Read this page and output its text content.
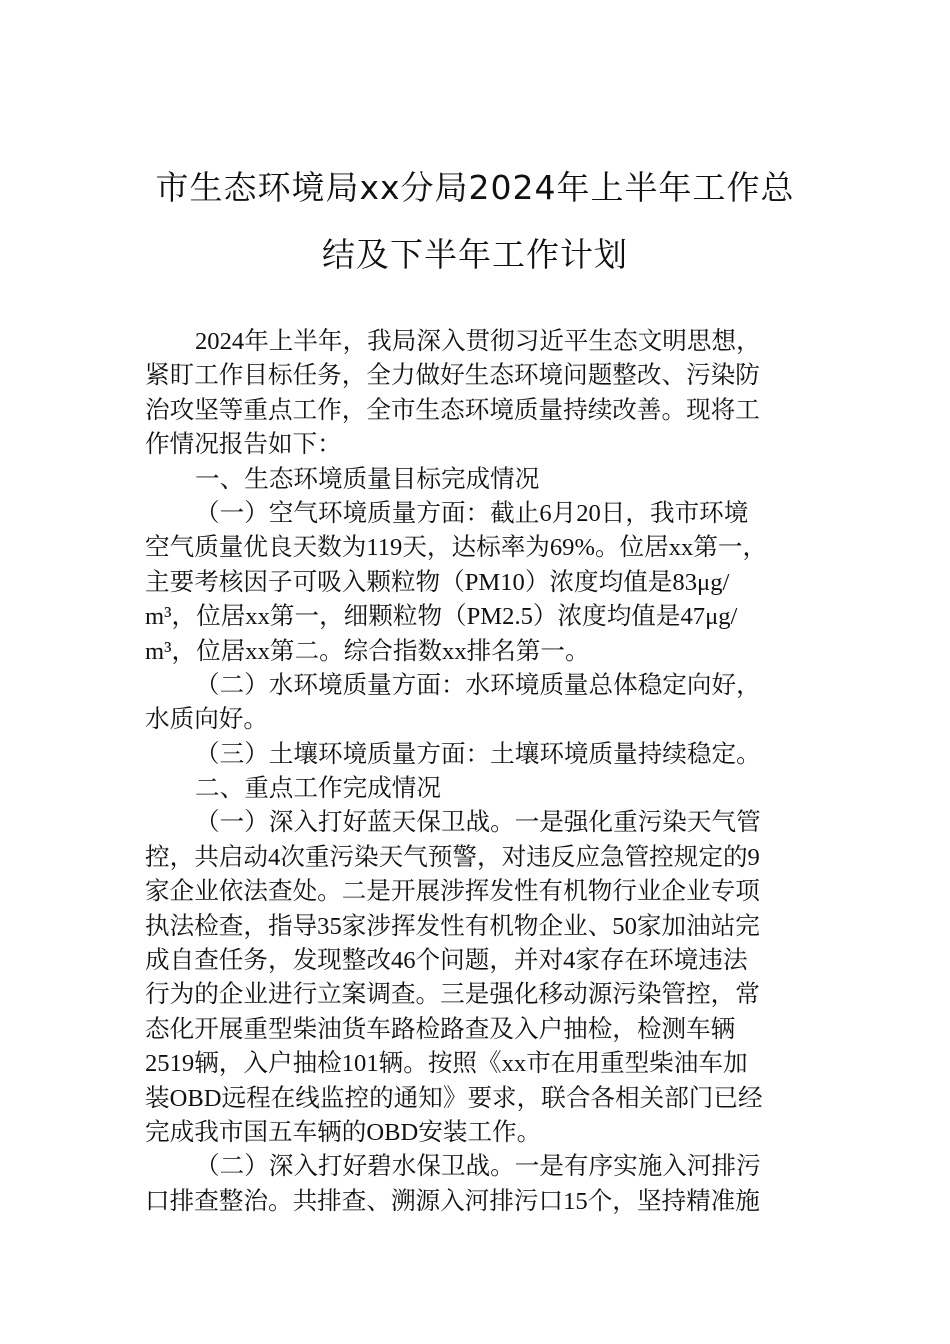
市生态环境局xx分局2024年上半年工作总
结及下半年工作计划
2024年上半年，我局深入贯彻习近平生态文明思想，
紧盯工作目标任务，全力做好生态环境问题整改、污染防
治攻坚等重点工作，全市生态环境质量持续改善。现将工
作情况报告如下：
一、生态环境质量目标完成情况
（一）空气环境质量方面：截止6月20日，我市环境
空气质量优良天数为119天，达标率为69%。位居xx第一，
主要考核因子可吸入颗粒物（PM10）浓度均值是83μg/
m³，位居xx第一，细颗粒物（PM2.5）浓度均值是47μg/
m³，位居xx第二。综合指数xx排名第一。
（二）水环境质量方面：水环境质量总体稳定向好，
水质向好。
（三）土壤环境质量方面：土壤环境质量持续稳定。
二、重点工作完成情况
（一）深入打好蓝天保卫战。一是强化重污染天气管
控，共启动4次重污染天气预警，对违反应急管控规定的9
家企业依法查处。二是开展涉挥发性有机物行业企业专项
执法检查，指导35家涉挥发性有机物企业、50家加油站完
成自查任务，发现整改46个问题，并对4家存在环境违法
行为的企业进行立案调查。三是强化移动源污染管控，常
态化开展重型柴油货车路检路查及入户抽检，检测车辆
2519辆，入户抽检101辆。按照《xx市在用重型柴油车加
装OBD远程在线监控的通知》要求，联合各相关部门已经
完成我市国五车辆的OBD安装工作。
（二）深入打好碧水保卫战。一是有序实施入河排污
口排查整治。共排查、溯源入河排污口15个，坚持精准施
